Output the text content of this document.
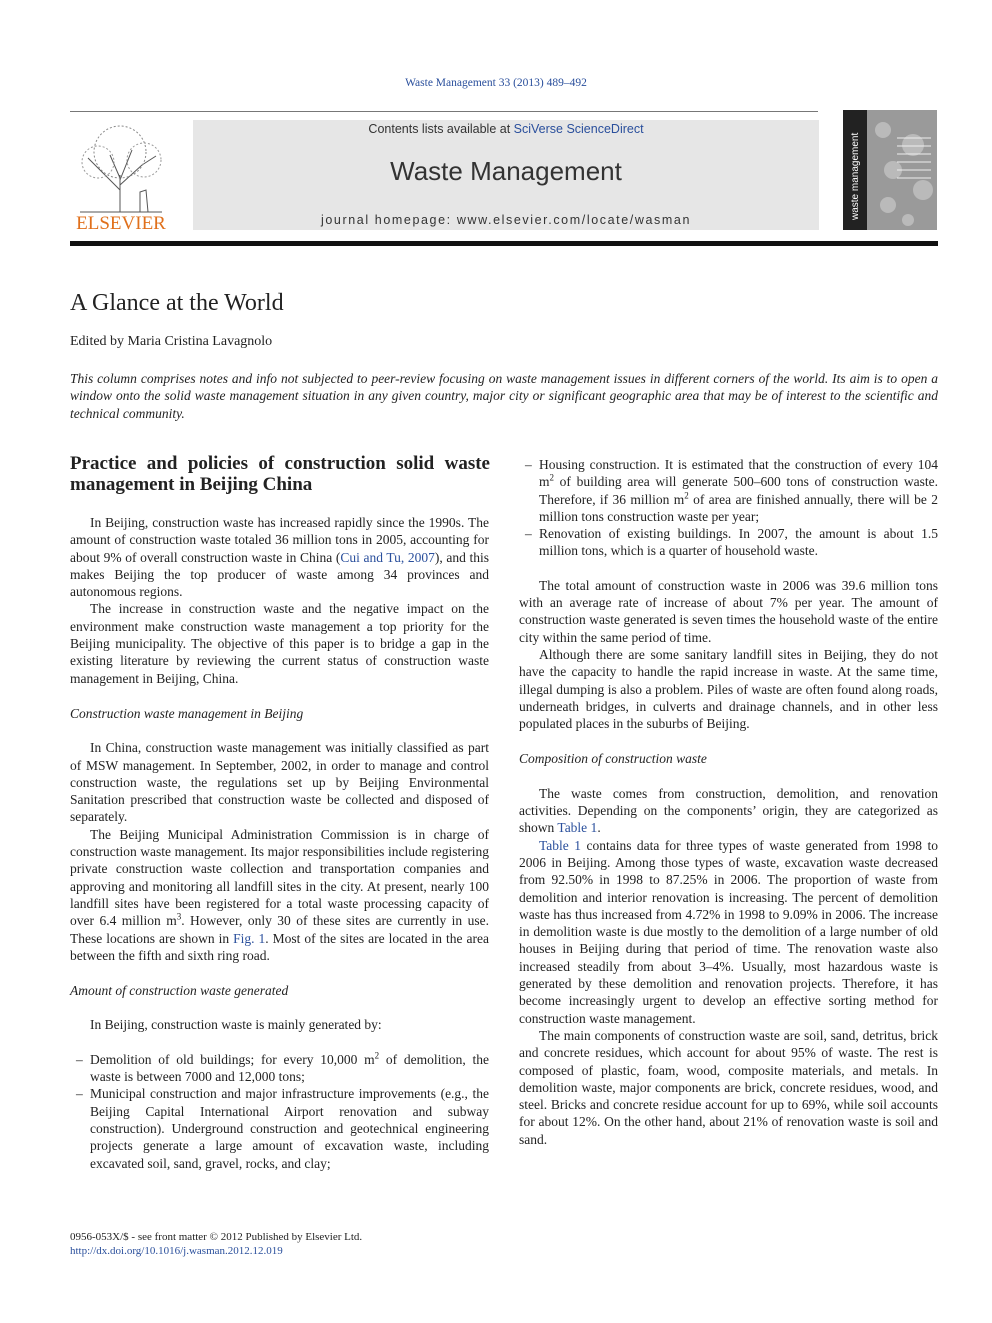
Waste Management 33 (2013) 489–492
ELSEVIER
Contents lists available at SciVerse ScienceDirect
Waste Management
journal homepage: www.elsevier.com/locate/wasman	waste management
A Glance at the World
Edited by Maria Cristina Lavagnolo
This column comprises notes and info not subjected to peer-review focusing on waste management issues in different corners of the world. Its aim is to open a window onto the solid waste management situation in any given country, major city or significant geographic area that may be of interest to the scientific and technical community.
Practice and policies of construction solid waste management in Beijing China

In Beijing, construction waste has increased rapidly since the 1990s. The amount of construction waste totaled 36 million tons in 2005, accounting for about 9% of overall construction waste in China (Cui and Tu, 2007), and this makes Beijing the top producer of waste among 34 provinces and autonomous regions.

The increase in construction waste and the negative impact on the environment make construction waste management a top priority for the Beijing municipality. The objective of this paper is to bridge a gap in the existing literature by reviewing the current status of construction waste management in Beijing, China.

Construction waste management in Beijing

In China, construction waste management was initially classified as part of MSW management. In September, 2002, in order to manage and control construction waste, the regulations set up by Beijing Environmental Sanitation prescribed that construction waste be collected and disposed of separately.

The Beijing Municipal Administration Commission is in charge of construction waste management. Its major responsibilities include registering private construction waste collection and transportation companies and approving and monitoring all landfill sites in the city. At present, nearly 100 landfill sites have been registered for a total waste processing capacity of over 6.4 million $m^3$. However, only 30 of these sites are currently in use. These locations are shown in Fig. 1. Most of the sites are located in the area between the fifth and sixth ring road.

Amount of construction waste generated

In Beijing, construction waste is mainly generated by:

– Demolition of old buildings; for every 10,000 $m^2$ of demolition, the waste is between 7000 and 12,000 tons;
– Municipal construction and major infrastructure improvements (e.g., the Beijing Capital International Airport renovation and subway construction). Underground construction and geotechnical engineering projects generate a large amount of excavation waste, including excavated soil, sand, gravel, rocks, and clay;
– Housing construction. It is estimated that the construction of every 104 $m^2$ of building area will generate 500–600 tons of construction waste. Therefore, if 36 million $m^2$ of area are finished annually, there will be 2 million tons construction waste per year;
– Renovation of existing buildings. In 2007, the amount is about 1.5 million tons, which is a quarter of household waste.

The total amount of construction waste in 2006 was 39.6 million tons with an average rate of increase of about 7% per year. The amount of construction waste generated is seven times the household waste of the entire city within the same period of time.

Although there are some sanitary landfill sites in Beijing, they do not have the capacity to handle the rapid increase in waste. At the same time, illegal dumping is also a problem. Piles of waste are often found along roads, underneath bridges, in culverts and drainage channels, and in other less populated places in the suburbs of Beijing.

Composition of construction waste

The waste comes from construction, demolition, and renovation activities. Depending on the components’ origin, they are categorized as shown Table 1.

Table 1 contains data for three types of waste generated from 1998 to 2006 in Beijing. Among those types of waste, excavation waste decreased from 92.50% in 1998 to 87.25% in 2006. The proportion of waste from demolition and interior renovation is increasing. The percent of demolition waste has thus increased from 4.72% in 1998 to 9.09% in 2006. The increase in demolition waste is due mostly to the demolition of a large number of old houses in Beijing during that period of time. The renovation waste also increased steadily from about 3–4%. Usually, most hazardous waste is generated by these demolition and renovation projects. Therefore, it has become increasingly urgent to develop an effective sorting method for construction waste management.

The main components of construction waste are soil, sand, detritus, brick and concrete residues, which account for about 95% of waste. The rest is composed of plastic, foam, wood, composite materials, and metals. In demolition waste, major components are brick, concrete residues, wood, and steel. Bricks and concrete residue account for up to 69%, while soil accounts for about 12%. On the other hand, about 21% of renovation waste is soil and sand.

0956-053X/$ - see front matter © 2012 Published by Elsevier Ltd.
http://dx.doi.org/10.1016/j.wasman.2012.12.019
